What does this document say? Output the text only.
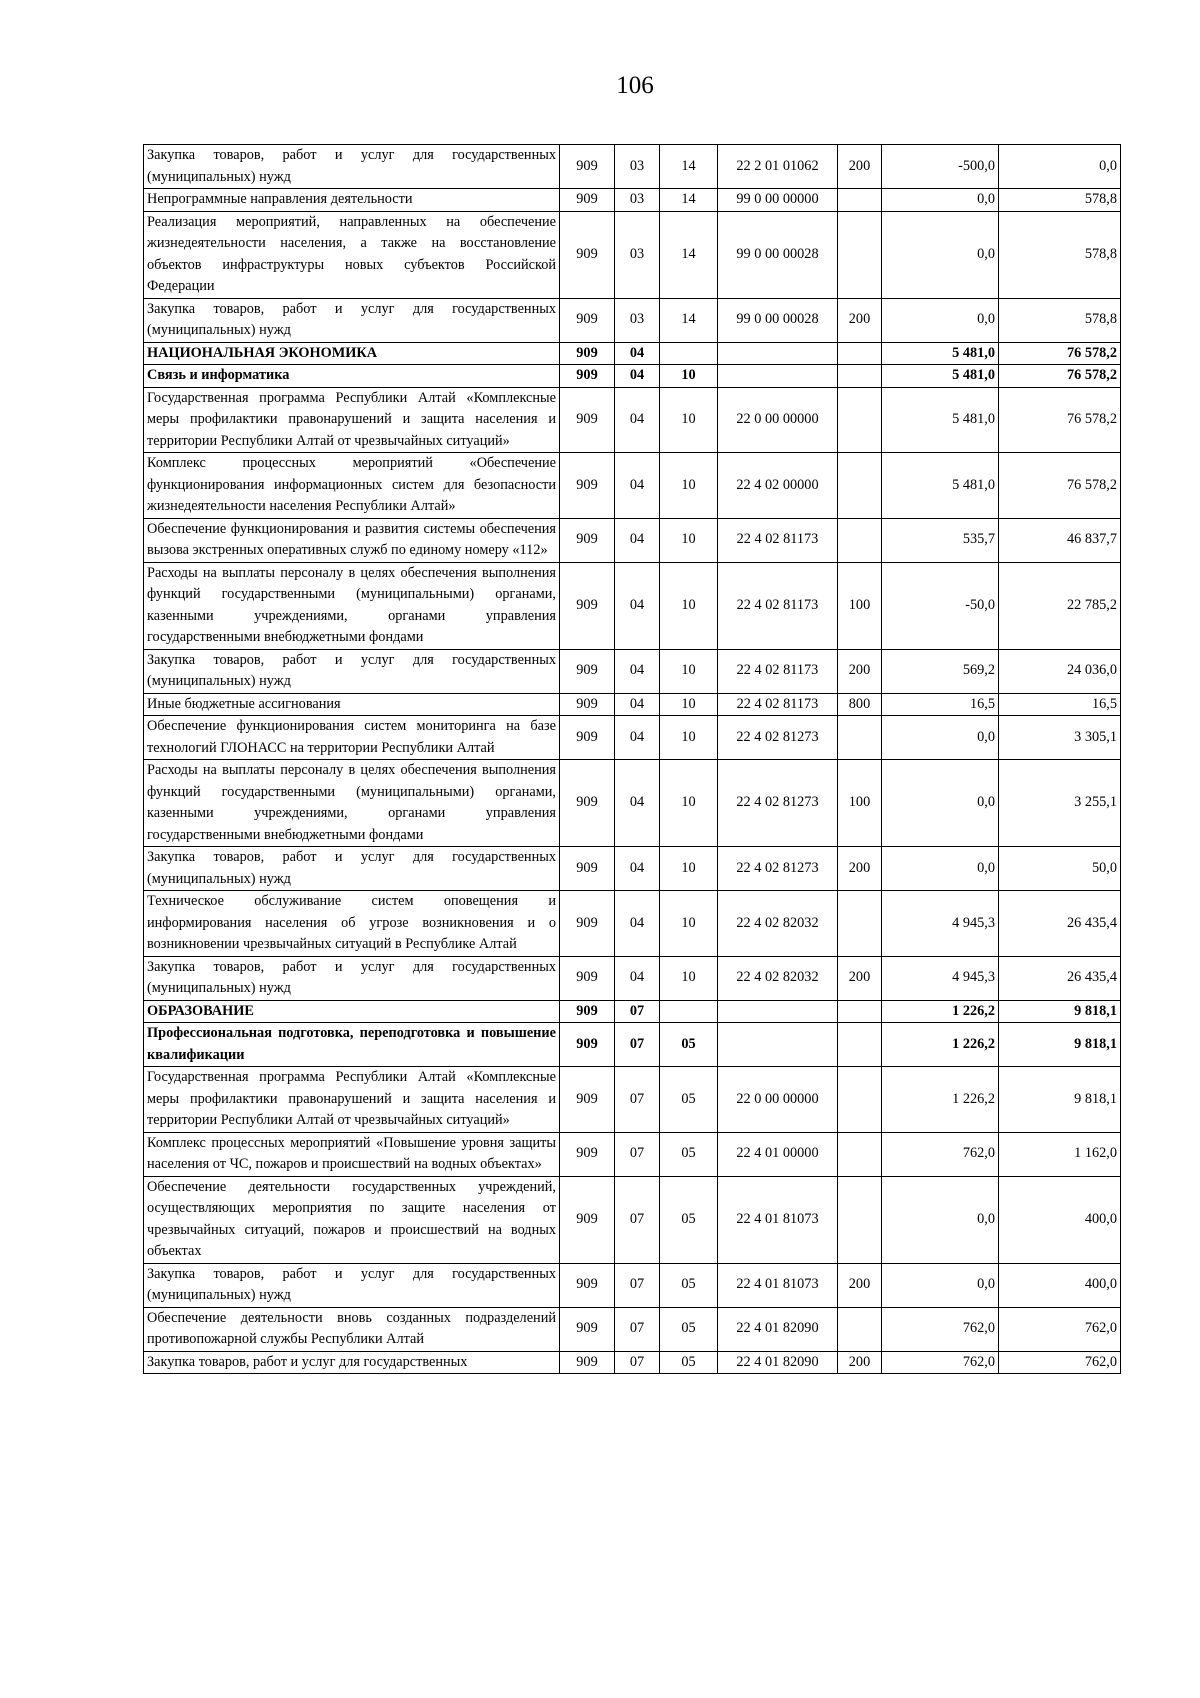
106
Закупка товаров, работ и услуг для государственных (муниципальных) нужд	909	03	14	22 2 01 01062	200	-500,0	0,0
Непрограммные направления деятельности	909	03	14	99 0 00 00000		0,0	578,8
Реализация мероприятий, направленных на обеспечение жизнедеятельности населения, а также на восстановление объектов инфраструктуры новых субъектов Российской Федерации	909	03	14	99 0 00 00028		0,0	578,8
Закупка товаров, работ и услуг для государственных (муниципальных) нужд	909	03	14	99 0 00 00028	200	0,0	578,8
НАЦИОНАЛЬНАЯ ЭКОНОМИКА	909	04				5 481,0	76 578,2
Связь и информатика	909	04	10			5 481,0	76 578,2
Государственная программа Республики Алтай «Комплексные меры профилактики правонарушений и защита населения и территории Республики Алтай от чрезвычайных ситуаций»	909	04	10	22 0 00 00000		5 481,0	76 578,2
Комплекс процессных мероприятий «Обеспечение функционирования информационных систем для безопасности жизнедеятельности населения Республики Алтай»	909	04	10	22 4 02 00000		5 481,0	76 578,2
Обеспечение функционирования и развития системы обеспечения вызова экстренных оперативных служб по единому номеру «112»	909	04	10	22 4 02 81173		535,7	46 837,7
Расходы на выплаты персоналу в целях обеспечения выполнения функций государственными (муниципальными) органами, казенными учреждениями, органами управления государственными внебюджетными фондами	909	04	10	22 4 02 81173	100	-50,0	22 785,2
Закупка товаров, работ и услуг для государственных (муниципальных) нужд	909	04	10	22 4 02 81173	200	569,2	24 036,0
Иные бюджетные ассигнования	909	04	10	22 4 02 81173	800	16,5	16,5
Обеспечение функционирования систем мониторинга на базе технологий ГЛОНАСС на территории Республики Алтай	909	04	10	22 4 02 81273		0,0	3 305,1
Расходы на выплаты персоналу в целях обеспечения выполнения функций государственными (муниципальными) органами, казенными учреждениями, органами управления государственными внебюджетными фондами	909	04	10	22 4 02 81273	100	0,0	3 255,1
Закупка товаров, работ и услуг для государственных (муниципальных) нужд	909	04	10	22 4 02 81273	200	0,0	50,0
Техническое обслуживание систем оповещения и информирования населения об угрозе возникновения и о возникновении чрезвычайных ситуаций в Республике Алтай	909	04	10	22 4 02 82032		4 945,3	26 435,4
Закупка товаров, работ и услуг для государственных (муниципальных) нужд	909	04	10	22 4 02 82032	200	4 945,3	26 435,4
ОБРАЗОВАНИЕ	909	07				1 226,2	9 818,1
Профессиональная подготовка, переподготовка и повышение квалификации	909	07	05			1 226,2	9 818,1
Государственная программа Республики Алтай «Комплексные меры профилактики правонарушений и защита населения и территории Республики Алтай от чрезвычайных ситуаций»	909	07	05	22 0 00 00000		1 226,2	9 818,1
Комплекс процессных мероприятий «Повышение уровня защиты населения от ЧС, пожаров и происшествий на водных объектах»	909	07	05	22 4 01 00000		762,0	1 162,0
Обеспечение деятельности государственных учреждений, осуществляющих мероприятия по защите населения от чрезвычайных ситуаций, пожаров и происшествий на водных объектах	909	07	05	22 4 01 81073		0,0	400,0
Закупка товаров, работ и услуг для государственных (муниципальных) нужд	909	07	05	22 4 01 81073	200	0,0	400,0
Обеспечение деятельности вновь созданных подразделений противопожарной службы Республики Алтай	909	07	05	22 4 01 82090		762,0	762,0
Закупка товаров, работ и услуг для государственных	909	07	05	22 4 01 82090	200	762,0	762,0
